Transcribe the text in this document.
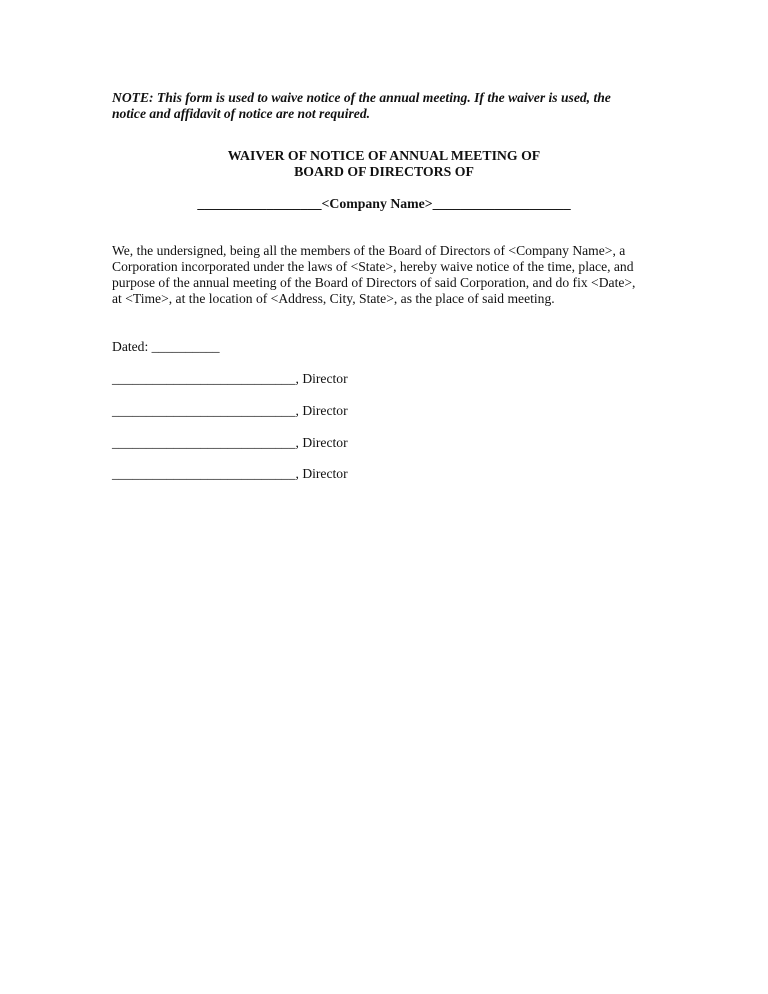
NOTE: This form is used to waive notice of the annual meeting. If the waiver is used, the
notice and affidavit of notice are not required.
WAIVER OF NOTICE OF ANNUAL MEETING OF
BOARD OF DIRECTORS OF
__________________<Company Name>____________________
We, the undersigned, being all the members of the Board of Directors of <Company Name>, a
Corporation incorporated under the laws of <State>, hereby waive notice of the time, place, and
purpose of the annual meeting of the Board of Directors of said Corporation, and do fix <Date>,
at <Time>, at the location of <Address, City, State>, as the place of said meeting.
Dated: __________
___________________________, Director
___________________________, Director
___________________________, Director
___________________________, Director
